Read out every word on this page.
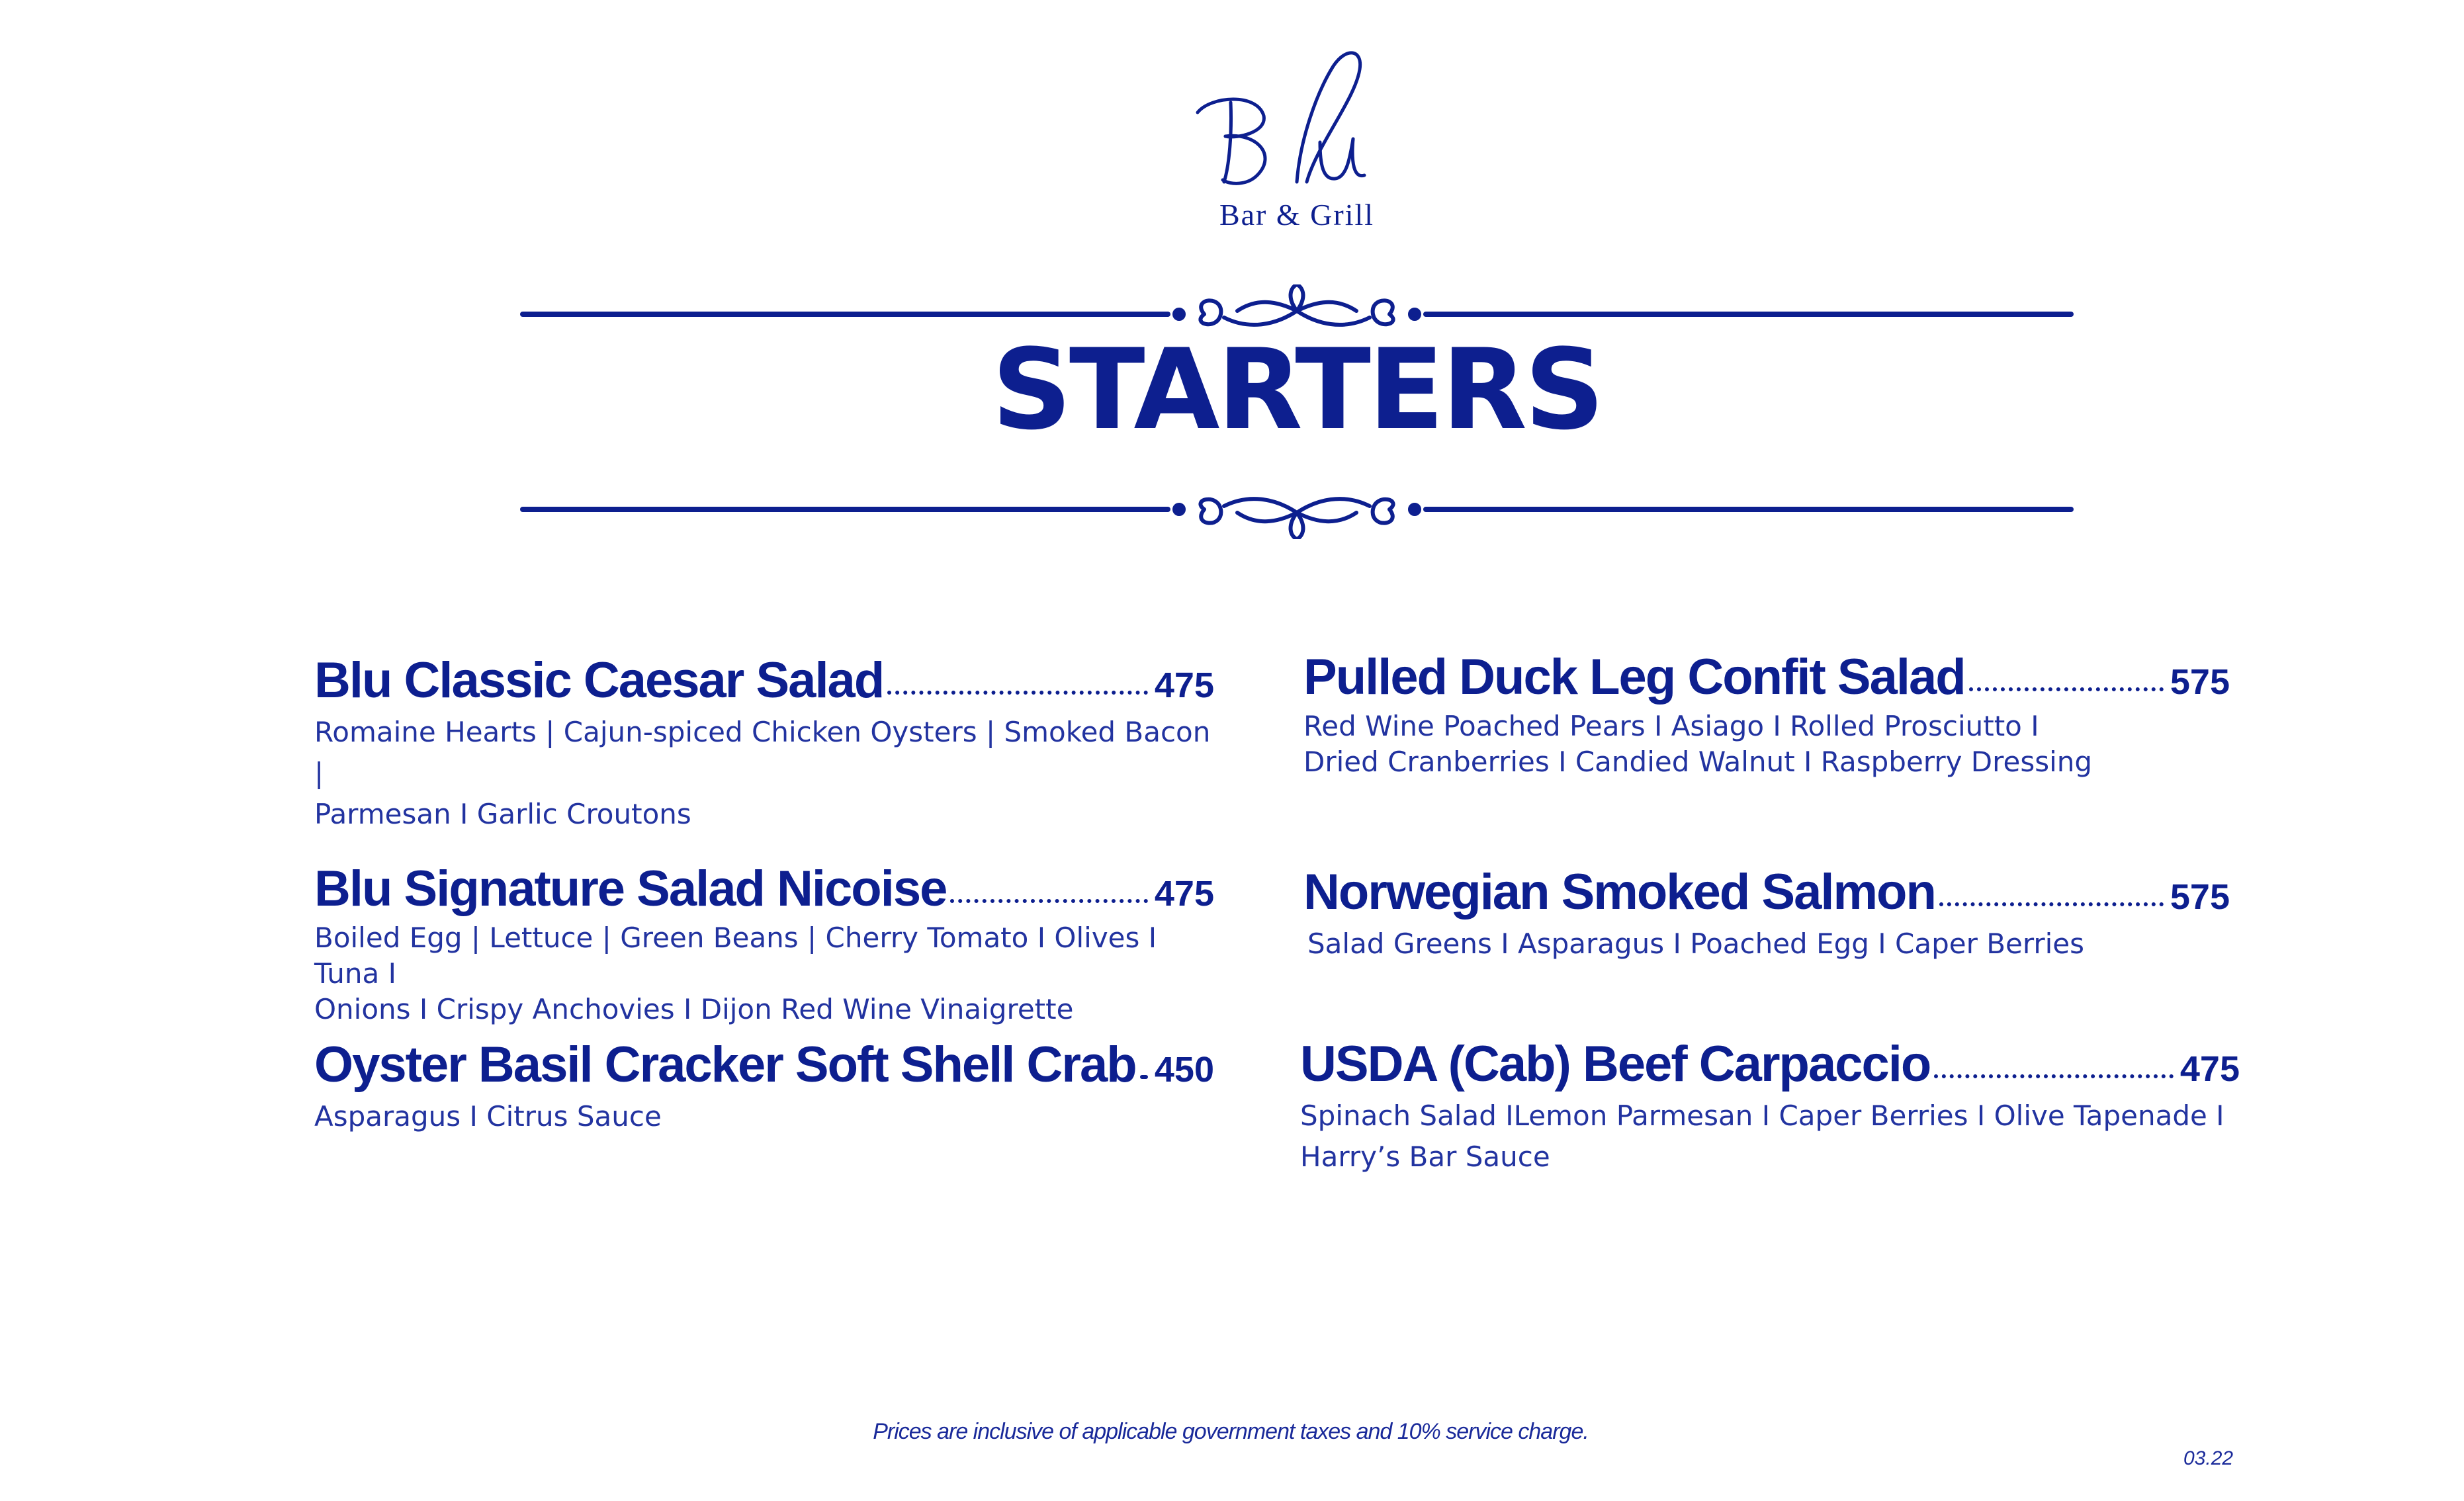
Bar & Grill
STARTERS
Blu Classic Caesar Salad	475
Romaine Hearts | Cajun-spiced Chicken Oysters | Smoked Bacon |
Parmesan I Garlic Croutons
Blu Signature Salad Nicoise	475
Boiled Egg | Lettuce | Green Beans | Cherry Tomato I Olives I Tuna I
Onions I Crispy Anchovies I Dijon Red Wine Vinaigrette
Oyster Basil Cracker Soft Shell Crab 450
Asparagus I Citrus Sauce
Pulled Duck Leg Confit Salad	575
Red Wine Poached Pears I Asiago I Rolled Prosciutto I
Dried Cranberries I Candied Walnut I Raspberry Dressing
Norwegian Smoked Salmon	575
Salad Greens I Asparagus I Poached Egg I Caper Berries
USDA (Cab) Beef Carpaccio	475
Spinach Salad ILemon Parmesan I Caper Berries I Olive Tapenade I
Harry’s Bar Sauce
Prices are inclusive of applicable government taxes and 10% service charge.
03.22
